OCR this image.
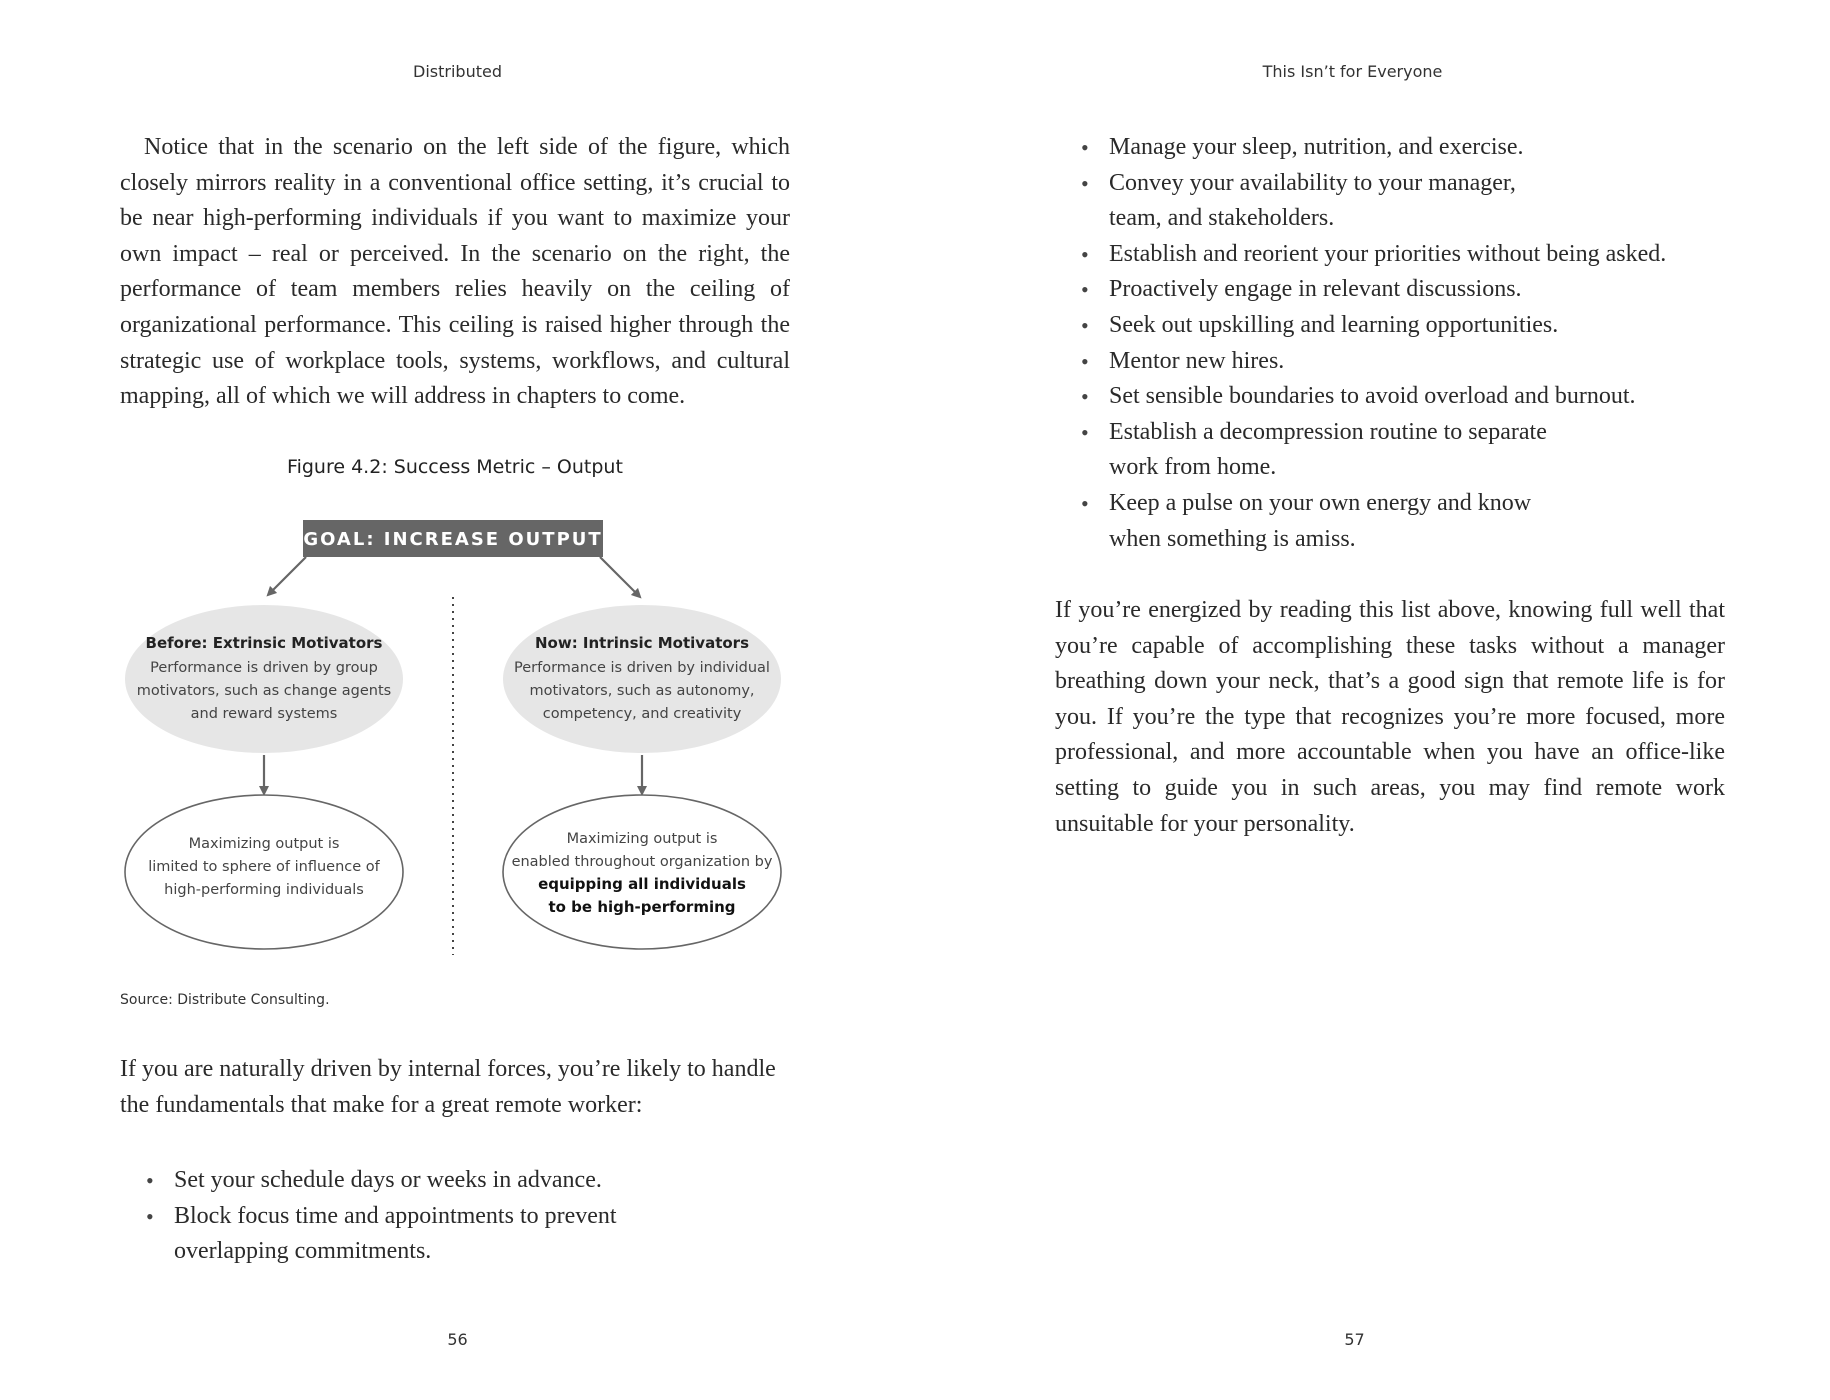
Distributed

Notice that in the scenario on the left side of the figure, which closely mirrors reality in a conventional office setting, it’s crucial to be near high-performing individuals if you want to maximize your own impact – real or perceived. In the scenario on the right, the performance of team members relies heavily on the ceiling of organizational performance. This ceiling is raised higher through the strategic use of workplace tools, systems, workflows, and cultural mapping, all of which we will address in chapters to come.

Figure 4.2: Success Metric – Output
GOAL: INCREASE OUTPUT
Before: Extrinsic Motivators
Performance is driven by group
motivators, such as change agents
and reward systems
Now: Intrinsic Motivators
Performance is driven by individual
motivators, such as autonomy,
competency, and creativity
Maximizing output is
limited to sphere of influence of
high-performing individuals
Maximizing output is
enabled throughout organization by
equipping all individuals
to be high-performing
Source: Distribute Consulting.

If you are naturally driven by internal forces, you’re likely to handle the fundamentals that make for a great remote worker:

• Set your schedule days or weeks in advance.
• Block focus time and appointments to prevent overlapping commitments.
56
This Isn’t for Everyone
• Manage your sleep, nutrition, and exercise.
• Convey your availability to your manager, team, and stakeholders.
• Establish and reorient your priorities without being asked.
• Proactively engage in relevant discussions.
• Seek out upskilling and learning opportunities.
• Mentor new hires.
• Set sensible boundaries to avoid overload and burnout.
• Establish a decompression routine to separate work from home.
• Keep a pulse on your own energy and know when something is amiss.

If you’re energized by reading this list above, knowing full well that you’re capable of accomplishing these tasks without a manager breathing down your neck, that’s a good sign that remote life is for you. If you’re the type that recognizes you’re more focused, more professional, and more accountable when you have an office-like setting to guide you in such areas, you may find remote work unsuitable for your personality.

57
